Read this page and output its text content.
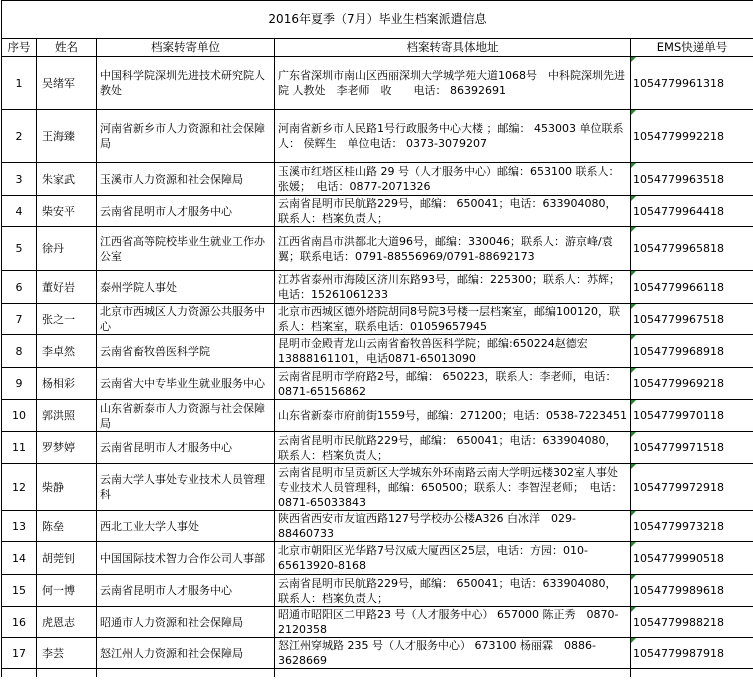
2016年夏季（7月）毕业生档案派遣信息				
序号	姓名	档案转寄单位	档案转寄具体地址	EMS快递单号
1	吴绪军	中国科学院深圳先进技术研究院人教处	广东省深圳市南山区西丽深圳大学城学苑大道1068号　中科院深圳先进院 人教处　李老师　收　　电话： 86392691	1054779961318
2	王海臻	河南省新乡市人力资源和社会保障局	河南省新乡市人民路1号行政服务中心大楼 ；邮编： 453003 单位联系人： 侯辉生　单位电话： 0373-3079207	1054779992218
3	朱家武	玉溪市人力资源和社会保障局	玉溪市红塔区桂山路 29 号（人才服务中心）邮编：653100 联系人：张媛；　电话：0877-2071326	1054779963518
4	柴安平	云南省昆明市人才服务中心	云南省昆明市民航路229号，邮编： 650041；电话：633904080，联系人：档案负责人；	1054779964418
5	徐丹	江西省高等院校毕业生就业工作办公室	江西省南昌市洪都北大道96号，邮编：330046；联系人：游京峰/袁翼；联系电话：0791-88556969/0791-88692173	1054779965818
6	董好岩	泰州学院人事处	江苏省泰州市海陵区济川东路93号，邮编：225300；联系人：苏辉；电话：15261061233	1054779966118
7	张之一	北京市西城区人力资源公共服务中心	北京市西城区德外塔院胡同8号院3号楼一层档案室，邮编100120，联系人：档案室，联系电话：01059657945	1054779967518
8	李卓然	云南省畜牧兽医科学院	昆明市金殿青龙山云南省畜牧兽医科学院；邮编:650224赵德宏　13888161101，电话0871-65013090	1054779968918
9	杨相彩	云南省大中专毕业生就业服务中心	云南省昆明市学府路2号，邮编： 650223，联系人：李老师，电话： 0871-65156862	1054779969218
10	郭洪照	山东省新泰市人力资源与社会保障局	山东省新泰市府前街1559号，邮编：271200；电话：0538-7223451	1054779970118
11	罗梦婷	云南省昆明市人才服务中心	云南省昆明市民航路229号，邮编： 650041；电话：633904080，联系人：档案负责人；	1054779971518
12	柴静	云南大学人事处专业技术人员管理科	云南省昆明市呈贡新区大学城东外环南路云南大学明远楼302室人事处专业技术人员管理科，邮编：650500；联系人：李智涅老师；　电话：0871-65033843	1054779972918
13	陈垒	西北工业大学人事处	陕西省西安市友谊西路127号学校办公楼A326 白冰洋　029-88460733	1054779973218
14	胡莞钊	中国国际技术智力合作公司人事部	北京市朝阳区光华路7号汉威大厦西区25层，电话：方园：010-65613920-8168	1054779990518
15	何一博	云南省昆明市人才服务中心	云南省昆明市民航路229号，邮编： 650041；电话：633904080，联系人：档案负责人；	1054779989618
16	虎恩志	昭通市人力资源和社会保障局	昭通市昭阳区二甲路23 号（人才服务中心） 657000 陈正秀　0870-2120358	1054779988218
17	李芸	怒江州人力资源和社会保障局	怒江州穿城路 235 号（人才服务中心） 673100 杨丽霖　0886-3628669	1054779987918
